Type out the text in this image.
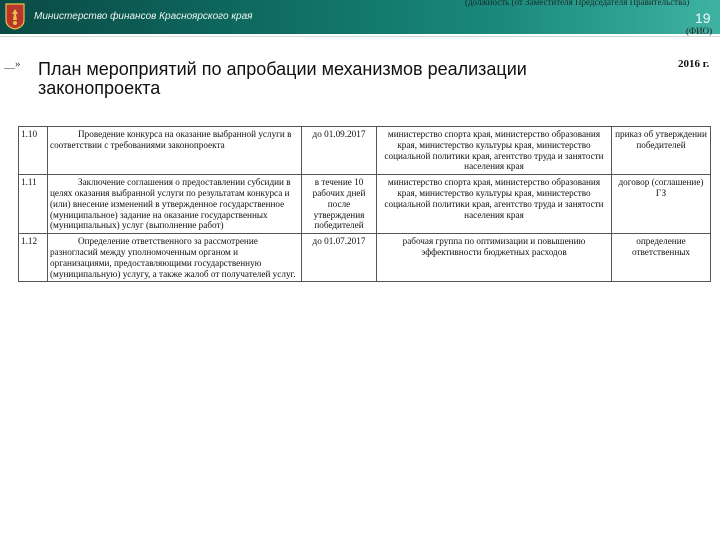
Министерство финансов Красноярского края
(должность (от Заместителя Председателя Правительства)
19
(ФИО)
__»	2016 г.
План мероприятий по апробации механизмов реализации законопроекта
1.10	Проведение конкурса на оказание выбранной услуги в соответствии с требованиями законопроекта	до 01.09.2017	министерство спорта края, министерство образования края, министерство культуры края, министерство социальной политики края, агентство труда и занятости населения края	приказ об утверждении победителей
1.11	Заключение соглашения о предоставлении субсидии в целях оказания выбранной услуги по результатам конкурса и (или) внесение изменений в утвержденное государственное (муниципальное) задание на оказание государственных (муниципальных) услуг (выполнение работ)	в течение 10 рабочих дней после утверждения победителей	министерство спорта края, министерство образования края, министерство культуры края, министерство социальной политики края, агентство труда и занятости населения края	договор (соглашение) ГЗ
1.12	Определение ответственного за рассмотрение разногласий между уполномоченным органом и организациями, предоставляющими государственную (муниципальную) услугу, а также жалоб от получателей услуг.	до 01.07.2017	рабочая группа по оптимизации и повышению эффективности бюджетных расходов	определение ответственных
